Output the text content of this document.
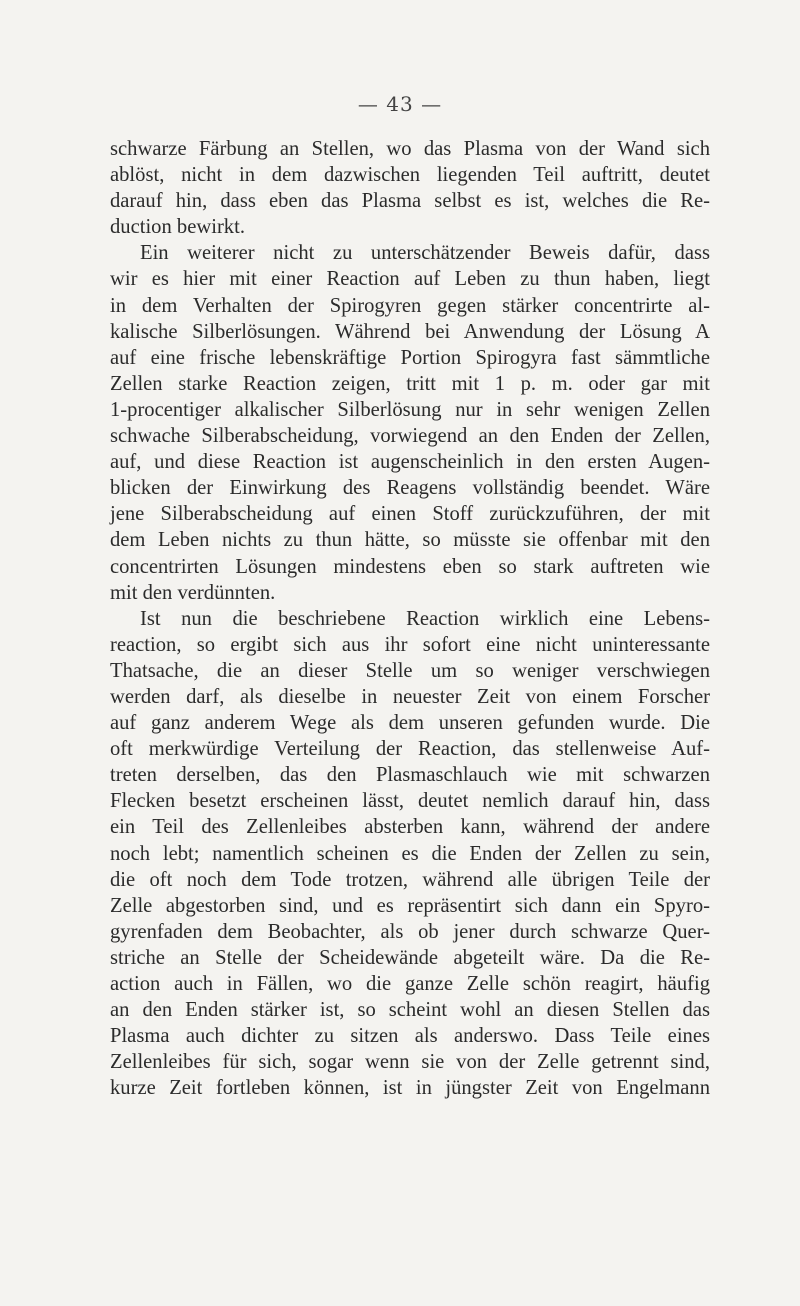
— 43 —
schwarze Färbung an Stellen, wo das Plasma von der Wand sich
ablöst, nicht in dem dazwischen liegenden Teil auftritt, deutet
darauf hin, dass eben das Plasma selbst es ist, welches die Re-
duction bewirkt.
Ein weiterer nicht zu unterschätzender Beweis dafür, dass
wir es hier mit einer Reaction auf Leben zu thun haben, liegt
in dem Verhalten der Spirogyren gegen stärker concentrirte al-
kalische Silberlösungen. Während bei Anwendung der Lösung A
auf eine frische lebenskräftige Portion Spirogyra fast sämmtliche
Zellen starke Reaction zeigen, tritt mit 1 p. m. oder gar mit
1-procentiger alkalischer Silberlösung nur in sehr wenigen Zellen
schwache Silberabscheidung, vorwiegend an den Enden der Zellen,
auf, und diese Reaction ist augenscheinlich in den ersten Augen-
blicken der Einwirkung des Reagens vollständig beendet. Wäre
jene Silberabscheidung auf einen Stoff zurückzuführen, der mit
dem Leben nichts zu thun hätte, so müsste sie offenbar mit den
concentrirten Lösungen mindestens eben so stark auftreten wie
mit den verdünnten.
Ist nun die beschriebene Reaction wirklich eine Lebens-
reaction, so ergibt sich aus ihr sofort eine nicht uninteressante
Thatsache, die an dieser Stelle um so weniger verschwiegen
werden darf, als dieselbe in neuester Zeit von einem Forscher
auf ganz anderem Wege als dem unseren gefunden wurde. Die
oft merkwürdige Verteilung der Reaction, das stellenweise Auf-
treten derselben, das den Plasmaschlauch wie mit schwarzen
Flecken besetzt erscheinen lässt, deutet nemlich darauf hin, dass
ein Teil des Zellenleibes absterben kann, während der andere
noch lebt; namentlich scheinen es die Enden der Zellen zu sein,
die oft noch dem Tode trotzen, während alle übrigen Teile der
Zelle abgestorben sind, und es repräsentirt sich dann ein Spyro-
gyrenfaden dem Beobachter, als ob jener durch schwarze Quer-
striche an Stelle der Scheidewände abgeteilt wäre. Da die Re-
action auch in Fällen, wo die ganze Zelle schön reagirt, häufig
an den Enden stärker ist, so scheint wohl an diesen Stellen das
Plasma auch dichter zu sitzen als anderswo. Dass Teile eines
Zellenleibes für sich, sogar wenn sie von der Zelle getrennt sind,
kurze Zeit fortleben können, ist in jüngster Zeit von Engelmann
